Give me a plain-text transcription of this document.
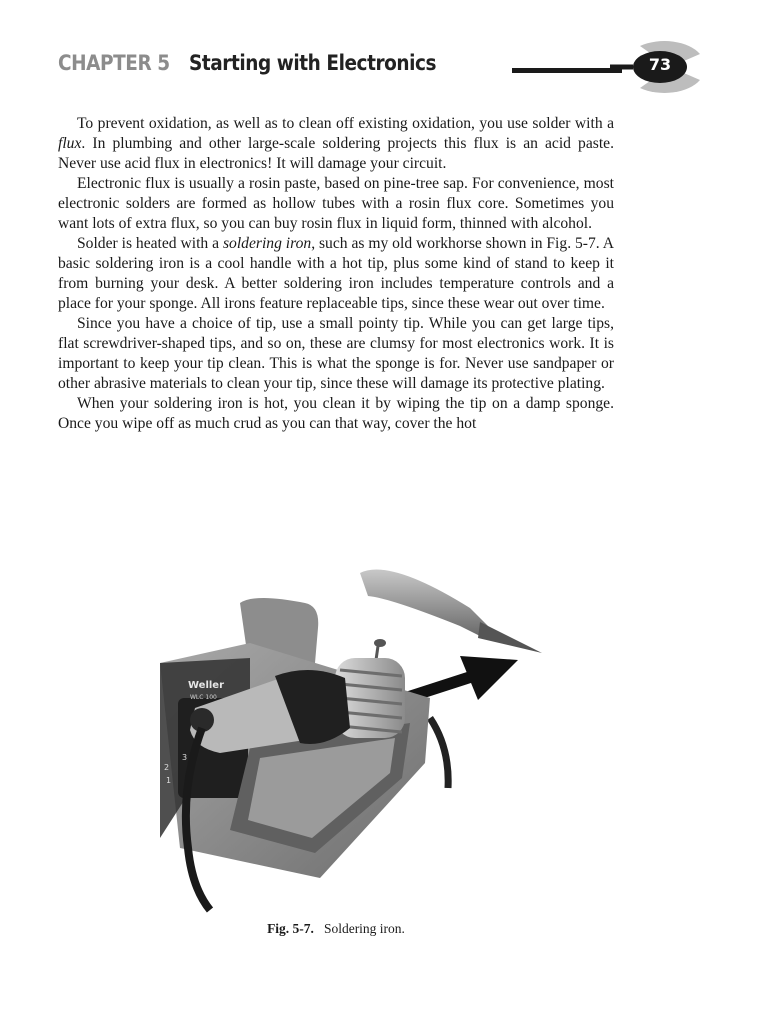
CHAPTER 5 Starting with Electronics	73

To prevent oxidation, as well as to clean off existing oxidation, you use solder with a flux. In plumbing and other large-scale soldering projects this flux is an acid paste. Never use acid flux in electronics! It will damage your circuit.

Electronic flux is usually a rosin paste, based on pine-tree sap. For convenience, most electronic solders are formed as hollow tubes with a rosin flux core. Sometimes you want lots of extra flux, so you can buy rosin flux in liquid form, thinned with alcohol.

Solder is heated with a soldering iron, such as my old workhorse shown in Fig. 5-7. A basic soldering iron is a cool handle with a hot tip, plus some kind of stand to keep it from burning your desk. A better soldering iron includes temperature controls and a place for your sponge. All irons feature replaceable tips, since these wear out over time.

Since you have a choice of tip, use a small pointy tip. While you can get large tips, flat screwdriver-shaped tips, and so on, these are clumsy for most electronics work. It is important to keep your tip clean. This is what the sponge is for. Never use sandpaper or other abrasive materials to clean your tip, since these will damage its protective plating.

When your soldering iron is hot, you clean it by wiping the tip on a damp sponge. Once you wipe off as much crud as you can that way, cover the hot

Weller
WLC 100
1
2
3
Fig. 5-7. Soldering iron.
